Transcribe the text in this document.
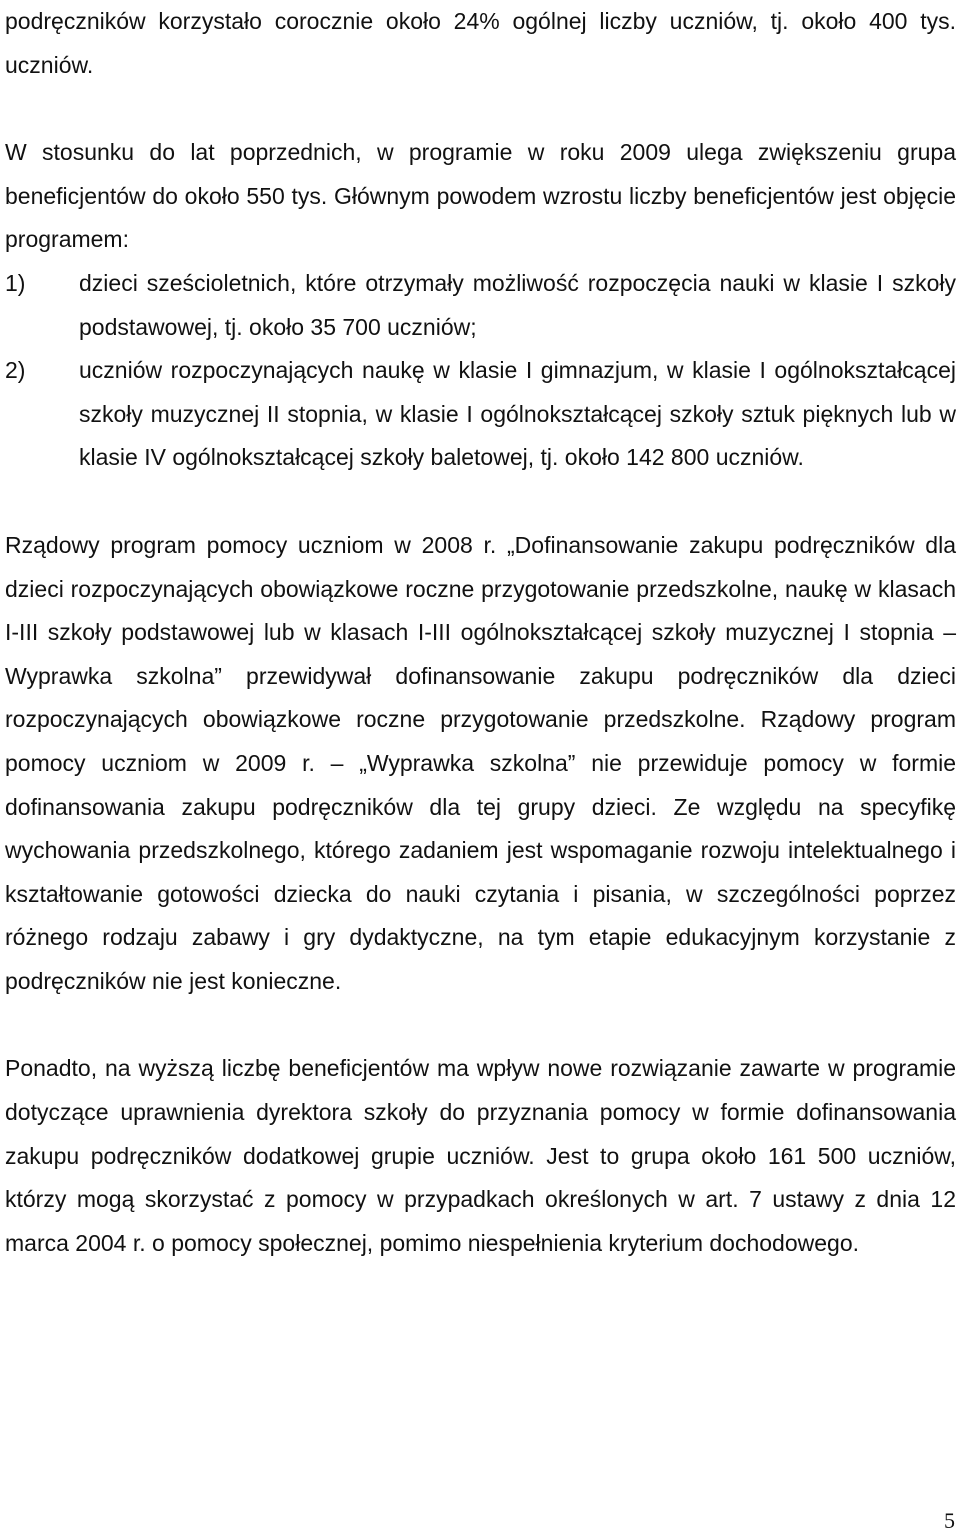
podręczników korzystało corocznie około 24% ogólnej liczby uczniów, tj. około 400 tys. uczniów.

W stosunku do lat poprzednich, w programie w roku 2009 ulega zwiększeniu grupa beneficjentów do około 550 tys. Głównym powodem wzrostu liczby beneficjentów jest objęcie programem:

1)	dzieci sześcioletnich, które otrzymały możliwość rozpoczęcia nauki w klasie I szkoły podstawowej, tj. około 35 700 uczniów;
2)	uczniów rozpoczynających naukę w klasie I gimnazjum, w klasie I ogólnokształcącej szkoły muzycznej II stopnia, w klasie I ogólnokształcącej szkoły sztuk pięknych lub w klasie IV ogólnokształcącej szkoły baletowej, tj. około 142 800 uczniów.

Rządowy program pomocy uczniom w 2008 r. „Dofinansowanie zakupu podręczników dla dzieci rozpoczynających obowiązkowe roczne przygotowanie przedszkolne, naukę w klasach I-III szkoły podstawowej lub w klasach I-III ogólnokształcącej szkoły muzycznej I stopnia – Wyprawka szkolna” przewidywał dofinansowanie zakupu podręczników dla dzieci rozpoczynających obowiązkowe roczne przygotowanie przedszkolne. Rządowy program pomocy uczniom w 2009 r. – „Wyprawka szkolna” nie przewiduje pomocy w formie dofinansowania zakupu podręczników dla tej grupy dzieci. Ze względu na specyfikę wychowania przedszkolnego, którego zadaniem jest wspomaganie rozwoju intelektualnego i kształtowanie gotowości dziecka do nauki czytania i pisania, w szczególności poprzez różnego rodzaju zabawy i gry dydaktyczne, na tym etapie edukacyjnym korzystanie z podręczników nie jest konieczne.

Ponadto, na wyższą liczbę beneficjentów ma wpływ nowe rozwiązanie zawarte w programie dotyczące uprawnienia dyrektora szkoły do przyznania pomocy w formie dofinansowania zakupu podręczników dodatkowej grupie uczniów. Jest to grupa około 161 500 uczniów, którzy mogą skorzystać z pomocy w przypadkach określonych w art. 7 ustawy z dnia 12 marca 2004 r. o pomocy społecznej, pomimo niespełnienia kryterium dochodowego.

5
